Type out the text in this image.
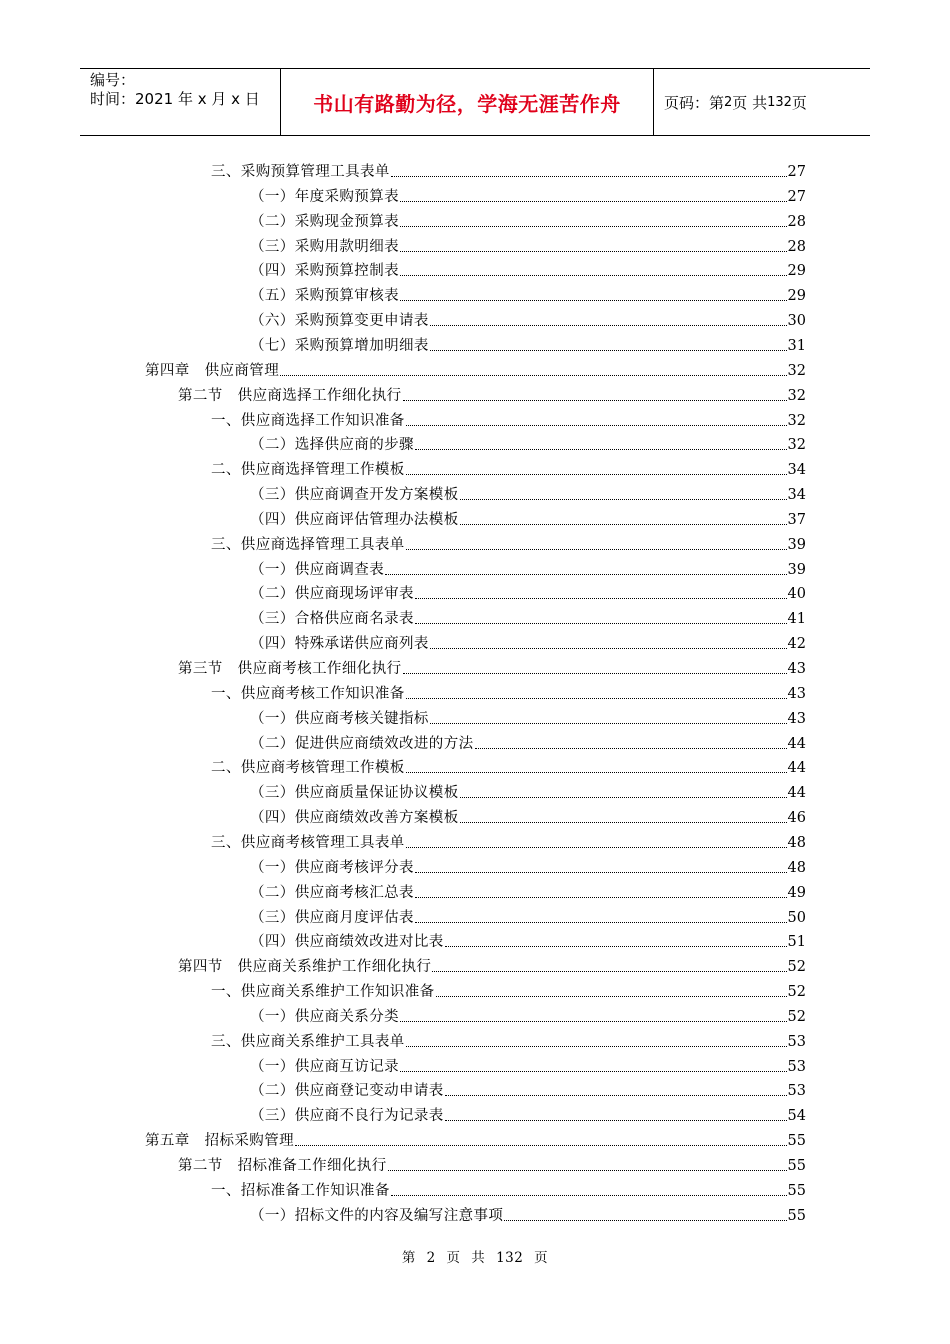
编号：
时间：2021 年 x 月 x 日	书山有路勤为径，学海无涯苦作舟	页码：第 2 页 共 132 页
三、采购预算管理工具表单	27
（一）年度采购预算表	27
（二）采购现金预算表	28
（三）采购用款明细表	28
（四）采购预算控制表	29
（五）采购预算审核表	29
（六）采购预算变更申请表	30
（七）采购预算增加明细表	31
第四章　供应商管理	32
第二节　供应商选择工作细化执行	32
一、供应商选择工作知识准备	32
（二）选择供应商的步骤	32
二、供应商选择管理工作模板	34
（三）供应商调查开发方案模板	34
（四）供应商评估管理办法模板	37
三、供应商选择管理工具表单	39
（一）供应商调查表	39
（二）供应商现场评审表	40
（三）合格供应商名录表	41
（四）特殊承诺供应商列表	42
第三节　供应商考核工作细化执行	43
一、供应商考核工作知识准备	43
（一）供应商考核关键指标	43
（二）促进供应商绩效改进的方法	44
二、供应商考核管理工作模板	44
（三）供应商质量保证协议模板	44
（四）供应商绩效改善方案模板	46
三、供应商考核管理工具表单	48
（一）供应商考核评分表	48
（二）供应商考核汇总表	49
（三）供应商月度评估表	50
（四）供应商绩效改进对比表	51
第四节　供应商关系维护工作细化执行	52
一、供应商关系维护工作知识准备	52
（一）供应商关系分类	52
三、供应商关系维护工具表单	53
（一）供应商互访记录	53
（二）供应商登记变动申请表	53
（三）供应商不良行为记录表	54
第五章　招标采购管理	55
第二节　招标准备工作细化执行	55
一、招标准备工作知识准备	55
（一）招标文件的内容及编写注意事项	55
第 2 页 共 132 页
